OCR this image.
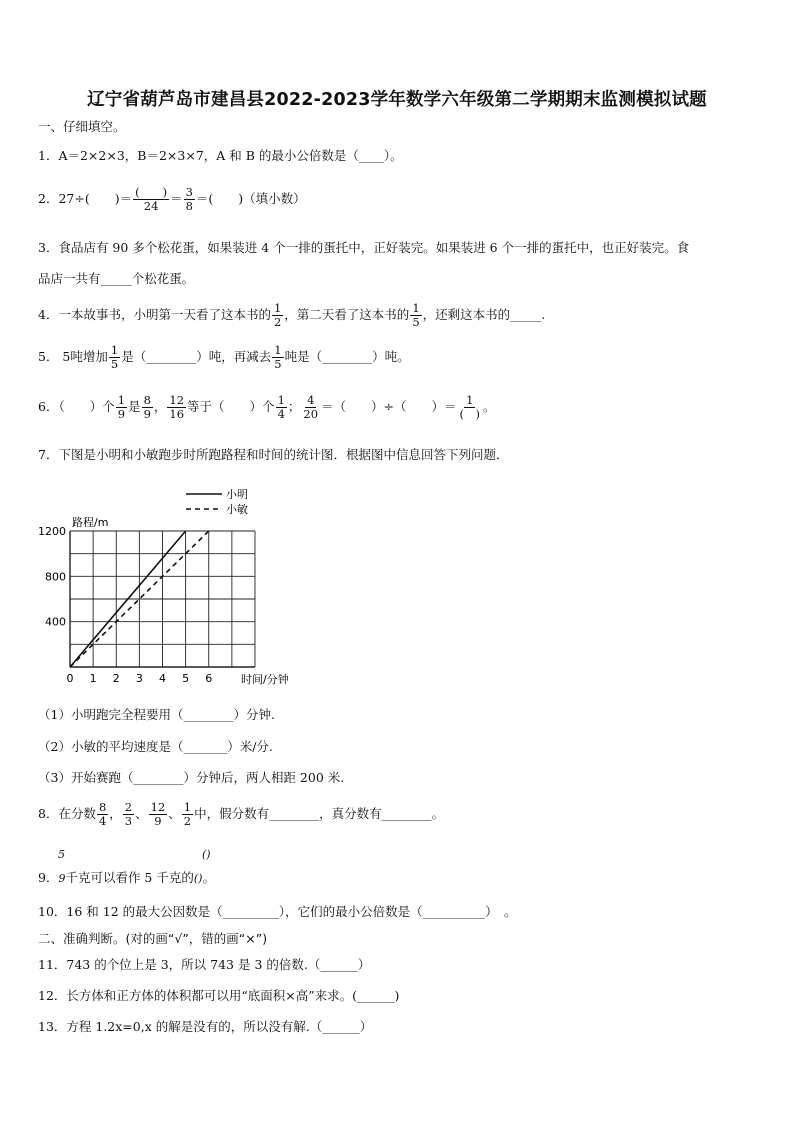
辽宁省葫芦岛市建昌县2022-2023学年数学六年级第二学期期末监测模拟试题
一、仔细填空。
1．A＝2×2×3，B＝2×3×7，A 和 B 的最小公倍数是（____）。
2．27÷(　　)＝ $\frac{( )}{24} = \frac{3}{8}$ ＝(　　)（填小数）
3．食品店有 90 多个松花蛋，如果装进 4 个一排的蛋托中，正好装完。如果装进 6 个一排的蛋托中，也正好装完。食
品店一共有_____个松花蛋。
4．一本故事书，小明第一天看了这本书的 $\frac{1}{2}$ ，第二天看了这本书的 $\frac{1}{5}$ ，还剩这本书的_____.
5． 5吨增加 $\frac{1}{5}$ 是（________）吨，再减去 $\frac{1}{5}$ 吨是（________）吨。
6．（　　）个 $\frac{1}{9}$ 是 $\frac{8}{9}$ ， $\frac{12}{16}$ 等于（　　）个 $\frac{1}{4}$ ； $\frac{4}{20}$ ＝（　　）÷（　　）＝ $\frac{1}{( )}$ 。
7．下图是小明和小敏跑步时所跑路程和时间的统计图．根据图中信息回答下列问题．
400
800
1200
0 1 2 3 4 5 6
路程/m
时间/分钟
小明
小敏
（1）小明跑完全程要用（________）分钟.
（2）小敏的平均速度是（_______）米/分.
（3）开始赛跑（________）分钟后，两人相距 200 米.
8．在分数 $\frac{8}{4}$ ， $\frac{2}{3}$ 、 $\frac{12}{9}$ 、 $\frac{1}{2}$ 中，假分数有________，真分数有________。
5	()
9．9千克可以看作 5 千克的()。
10．16 和 12 的最大公因数是（_________），它们的最小公倍数是（__________）　。
二、准确判断。(对的画“√”，错的画“×”)
11．743 的个位上是 3，所以 743 是 3 的倍数.（______）
12．长方体和正方体的体积都可以用“底面积×高”来求。(______)
13．方程 1.2x=0,x 的解是没有的，所以没有解.（______）
